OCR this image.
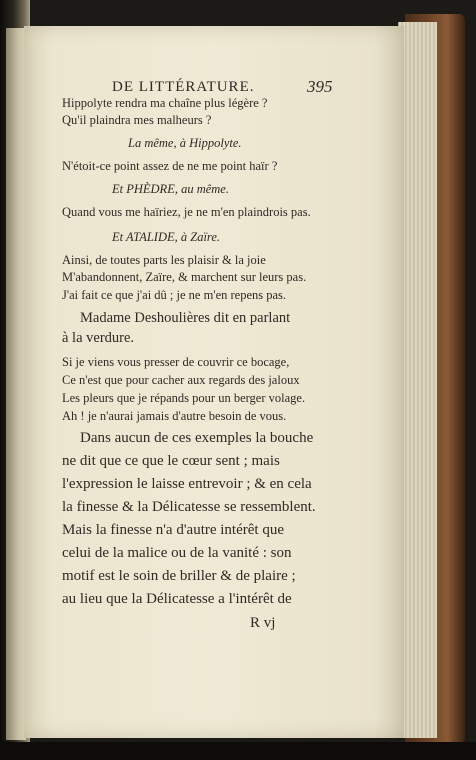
DE LITTÉRATURE.	395
Hippolyte rendra ma chaîne plus légère ?
Qu'il plaindra mes malheurs ?
La même, à Hippolyte.
N'étoit-ce point assez de ne me point haïr ?
Et PHÈDRE, au même.
Quand vous me haïriez, je ne m'en plaindrois pas.
Et ATALIDE, à Zaïre.
Ainsi, de toutes parts les plaisir & la joie
M'abandonnent, Zaïre, & marchent sur leurs pas.
J'ai fait ce que j'ai dû ; je ne m'en repens pas.
Madame Deshoulières dit en parlant
à la verdure.
Si je viens vous presser de couvrir ce bocage,
Ce n'est que pour cacher aux regards des jaloux
Les pleurs que je répands pour un berger volage.
Ah ! je n'aurai jamais d'autre besoin de vous.
Dans aucun de ces exemples la bouche
ne dit que ce que le cœur sent ; mais
l'expression le laisse entrevoir ; & en cela
la finesse & la Délicatesse se ressemblent.
Mais la finesse n'a d'autre intérêt que
celui de la malice ou de la vanité : son
motif est le soin de briller & de plaire ;
au lieu que la Délicatesse a l'intérêt de
R vj
